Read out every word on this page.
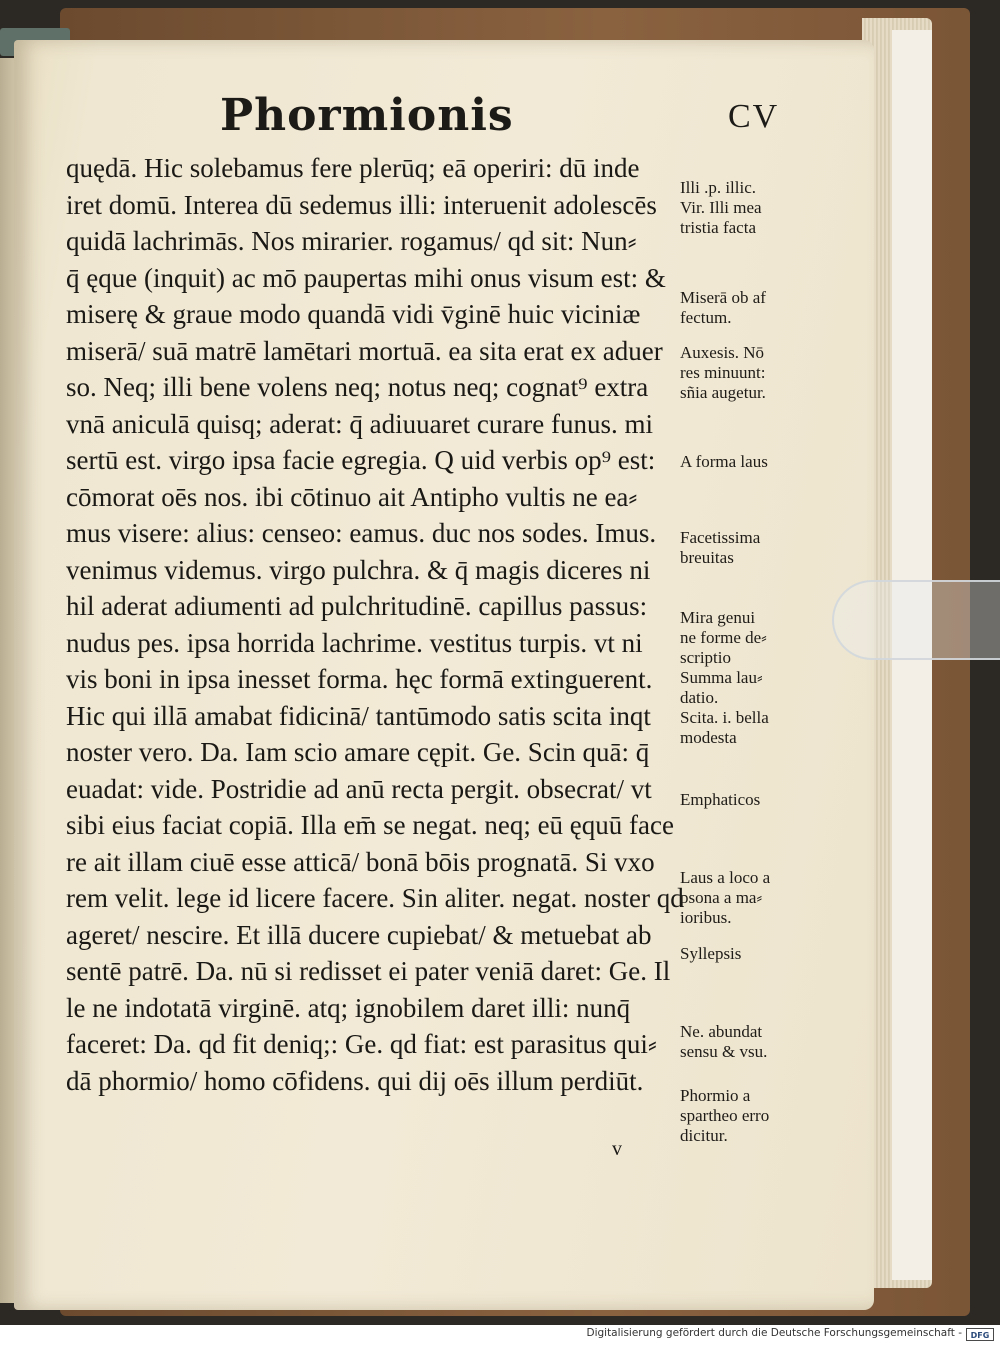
Phormionis	CV
quędā. Hic solebamus fere plerūq; eā operiri: dū inde
iret domū. Interea dū sedemus illi: interuenit adolescēs
quidā lachrimās. Nos mirarier. rogamus/ qd sit: Nun⸗
q̄ ęque (inquit) ac mō paupertas mihi onus visum est: &
miserę & graue modo quandā vidi v̄ginē huic viciniæ
miserā/ suā matrē lamētari mortuā. ea sita erat ex aduer
so. Neq; illi bene volens neq; notus neq; cognat⁹ extra
vnā aniculā quisq; aderat: q̄ adiuuaret curare funus. mi
sertū est. virgo ipsa facie egregia. Q uid verbis op⁹ est:
cōmorat oēs nos. ibi cōtinuo ait Antipho vultis ne ea⸗
mus visere: alius: censeo: eamus. duc nos sodes. Imus.
venimus videmus. virgo pulchra. & q̄ magis diceres ni
hil aderat adiumenti ad pulchritudinē. capillus passus:
nudus pes. ipsa horrida lachrime. vestitus turpis. vt ni
vis boni in ipsa inesset forma. hęc formā extinguerent.
Hic qui illā amabat fidicinā/ tantūmodo satis scita inqt
noster vero. Da. Iam scio amare cępit. Ge. Scin quā: q̄
euadat: vide. Postridie ad anū recta pergit. obsecrat/ vt
sibi eius faciat copiā. Illa em̄ se negat. neq; eū ęquū face
re ait illam ciuē esse atticā/ bonā bōis prognatā. Si vxo
rem velit. lege id licere facere. Sin aliter. negat. noster qd
ageret/ nescire. Et illā ducere cupiebat/ & metuebat ab
sentē patrē. Da. nū si redisset ei pater veniā daret: Ge. Il
le ne indotatā virginē. atq; ignobilem daret illi: nunq̄
faceret: Da. qd fit deniq;: Ge. qd fiat: est parasitus qui⸗
dā phormio/ homo cōfidens. qui dij oēs illum perdiūt.
v
Illi .p. illic.
Vir. Illi mea
tristia facta
Miserā ob af
fectum.
Auxesis. Nō
res minuunt:
sñia augetur.
A forma laus
Facetissima
breuitas
Mira genui
ne forme de⸗
scriptio
Summa lau⸗
datio.
Scita. i. bella
modesta
Emphaticos
Laus a loco a
psona a ma⸗
ioribus.
Syllepsis
Ne. abundat
sensu & vsu.
Phormio a
spartheo erro
dicitur.
Digitalisierung gefördert durch die Deutsche Forschungsgemeinschaft -	DFG
